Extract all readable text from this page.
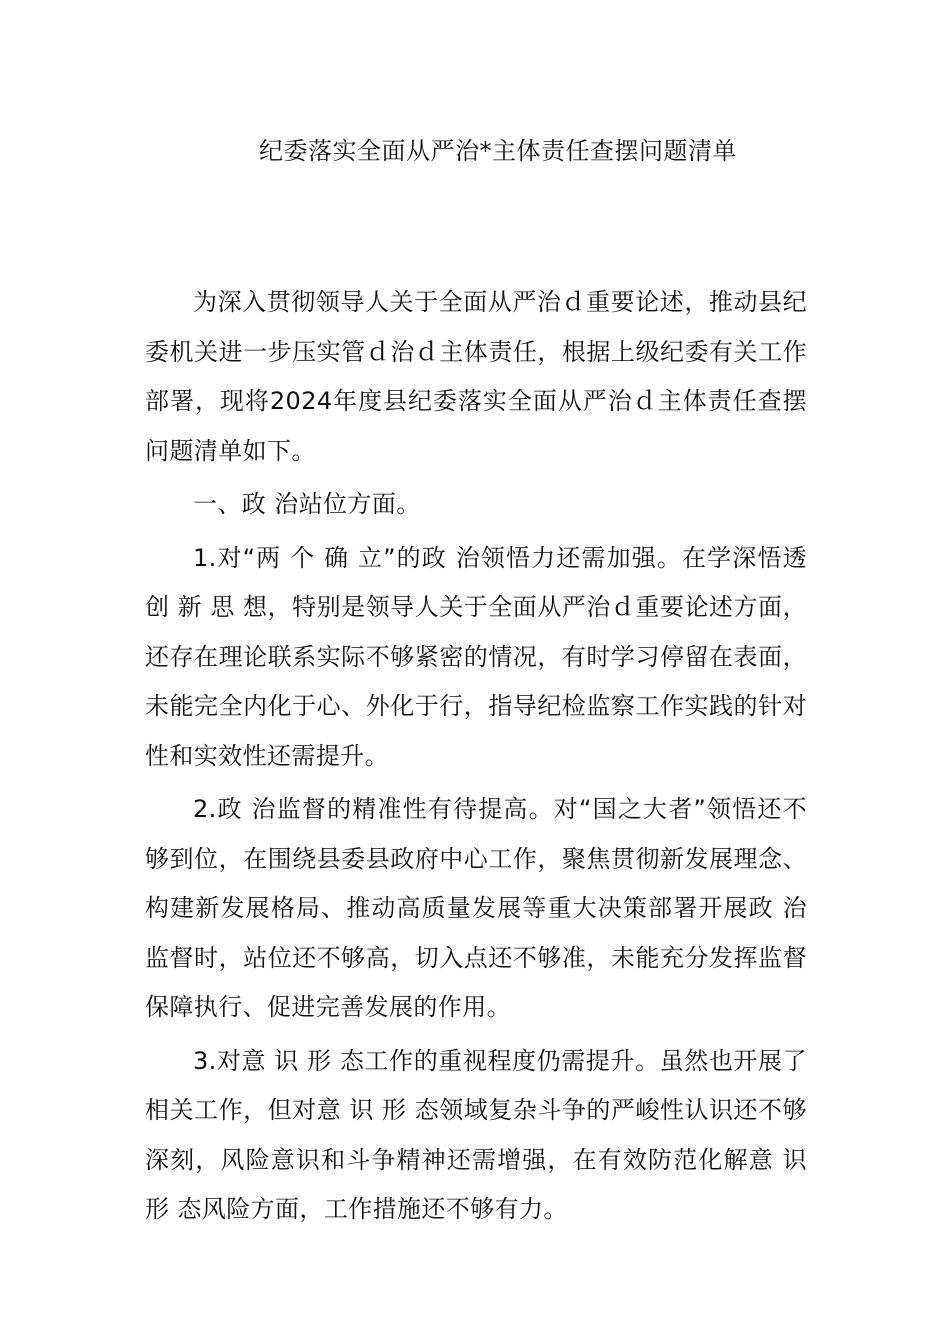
纪委落实全面从严治*主体责任查摆问题清单

为深入贯彻领导人关于全面从严治ｄ重要论述，推动县纪委机关进一步压实管ｄ治ｄ主体责任，根据上级纪委有关工作部署，现将2024年度县纪委落实全面从严治ｄ主体责任查摆问题清单如下。

一、政 治站位方面。

1.对“两 个 确 立”的政 治领悟力还需加强。在学深悟透创 新 思 想，特别是领导人关于全面从严治ｄ重要论述方面，还存在理论联系实际不够紧密的情况，有时学习停留在表面，未能完全内化于心、外化于行，指导纪检监察工作实践的针对性和实效性还需提升。

2.政 治监督的精准性有待提高。对“国之大者”领悟还不够到位，在围绕县委县政府中心工作，聚焦贯彻新发展理念、构建新发展格局、推动高质量发展等重大决策部署开展政 治监督时，站位还不够高，切入点还不够准，未能充分发挥监督保障执行、促进完善发展的作用。

3.对意 识 形 态工作的重视程度仍需提升。虽然也开展了相关工作，但对意 识 形 态领域复杂斗争的严峻性认识还不够深刻，风险意识和斗争精神还需增强，在有效防范化解意 识 形 态风险方面，工作措施还不够有力。
